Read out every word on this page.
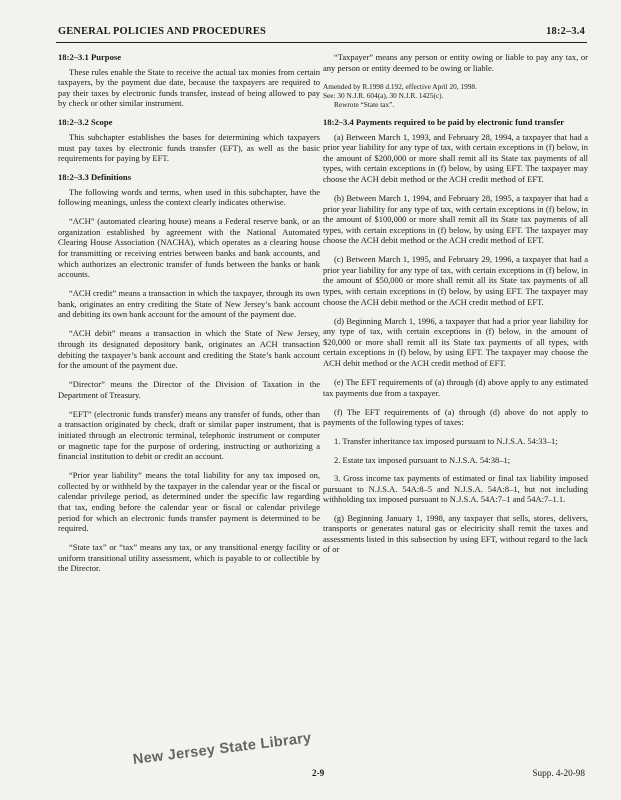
GENERAL POLICIES AND PROCEDURES	18:2–3.4
18:2–3.1 Purpose

These rules enable the State to receive the actual tax monies from certain taxpayers, by the payment due date, because the taxpayers are required to pay their taxes by electronic funds transfer, instead of being allowed to pay by check or other similar instrument.

18:2–3.2 Scope

This subchapter establishes the bases for determining which taxpayers must pay taxes by electronic funds transfer (EFT), as well as the basic requirements for paying by EFT.

18:2–3.3 Definitions

The following words and terms, when used in this subchapter, have the following meanings, unless the context clearly indicates otherwise.

“ACH” (automated clearing house) means a Federal reserve bank, or an organization established by agreement with the National Automated Clearing House Association (NACHA), which operates as a clearing house for transmitting or receiving entries between banks and bank accounts, and which authorizes an electronic transfer of funds between the banks or bank accounts.

“ACH credit” means a transaction in which the taxpayer, through its own bank, originates an entry crediting the State of New Jersey’s bank account and debiting its own bank account for the amount of the payment due.

“ACH debit” means a transaction in which the State of New Jersey, through its designated depository bank, originates an ACH transaction debiting the taxpayer’s bank account and crediting the State’s bank account for the amount of the payment due.

“Director” means the Director of the Division of Taxation in the Department of Treasury.

“EFT” (electronic funds transfer) means any transfer of funds, other than a transaction originated by check, draft or similar paper instrument, that is initiated through an electronic terminal, telephonic instrument or computer or magnetic tape for the purpose of ordering, instructing or authorizing a financial institution to debit or credit an account.

“Prior year liability” means the total liability for any tax imposed on, collected by or withheld by the taxpayer in the calendar year or the fiscal or calendar privilege period, as determined under the specific law regarding that tax, ending before the calendar year or fiscal or calendar privilege period for which an electronic funds transfer payment is determined to be required.

“State tax” or “tax” means any tax, or any transitional energy facility or uniform transitional utility assessment, which is payable to or collectible by the Director.

“Taxpayer” means any person or entity owing or liable to pay any tax, or any person or entity deemed to be owing or liable.

Amended by R.1998 d.192, effective April 20, 1998.
See: 30 N.J.R. 604(a), 30 N.J.R. 1425(c).
Rewrote “State tax”.
18:2–3.4 Payments required to be paid by electronic fund transfer

(a) Between March 1, 1993, and February 28, 1994, a taxpayer that had a prior year liability for any type of tax, with certain exceptions in (f) below, in the amount of $200,000 or more shall remit all its State tax payments of all types, with certain exceptions in (f) below, by using EFT. The taxpayer may choose the ACH debit method or the ACH credit method of EFT.

(b) Between March 1, 1994, and February 28, 1995, a taxpayer that had a prior year liability for any type of tax, with certain exceptions in (f) below, in the amount of $100,000 or more shall remit all its State tax payments of all types, with certain exceptions in (f) below, by using EFT. The taxpayer may choose the ACH debit method or the ACH credit method of EFT.

(c) Between March 1, 1995, and February 29, 1996, a taxpayer that had a prior year liability for any type of tax, with certain exceptions in (f) below, in the amount of $50,000 or more shall remit all its State tax payments of all types, with certain exceptions in (f) below, by using EFT. The taxpayer may choose the ACH debit method or the ACH credit method of EFT.

(d) Beginning March 1, 1996, a taxpayer that had a prior year liability for any type of tax, with certain exceptions in (f) below, in the amount of $20,000 or more shall remit all its State tax payments of all types, with certain exceptions in (f) below, by using EFT. The taxpayer may choose the ACH debit method or the ACH credit method of EFT.

(e) The EFT requirements of (a) through (d) above apply to any estimated tax payments due from a taxpayer.

(f) The EFT requirements of (a) through (d) above do not apply to payments of the following types of taxes:

1. Transfer inheritance tax imposed pursuant to N.J.S.A. 54:33–1;
2. Estate tax imposed pursuant to N.J.S.A. 54:38–1;
3. Gross income tax payments of estimated or final tax liability imposed pursuant to N.J.S.A. 54A:8–5 and N.J.S.A. 54A:8–1, but not including withholding tax imposed pursuant to N.J.S.A. 54A:7–1 and 54A:7–1.1.

(g) Beginning January 1, 1998, any taxpayer that sells, stores, delivers, transports or generates natural gas or electricity shall remit the taxes and assessments listed in this subsection by using EFT, without regard to the lack of or

New Jersey State Library
2-9	Supp. 4-20-98
